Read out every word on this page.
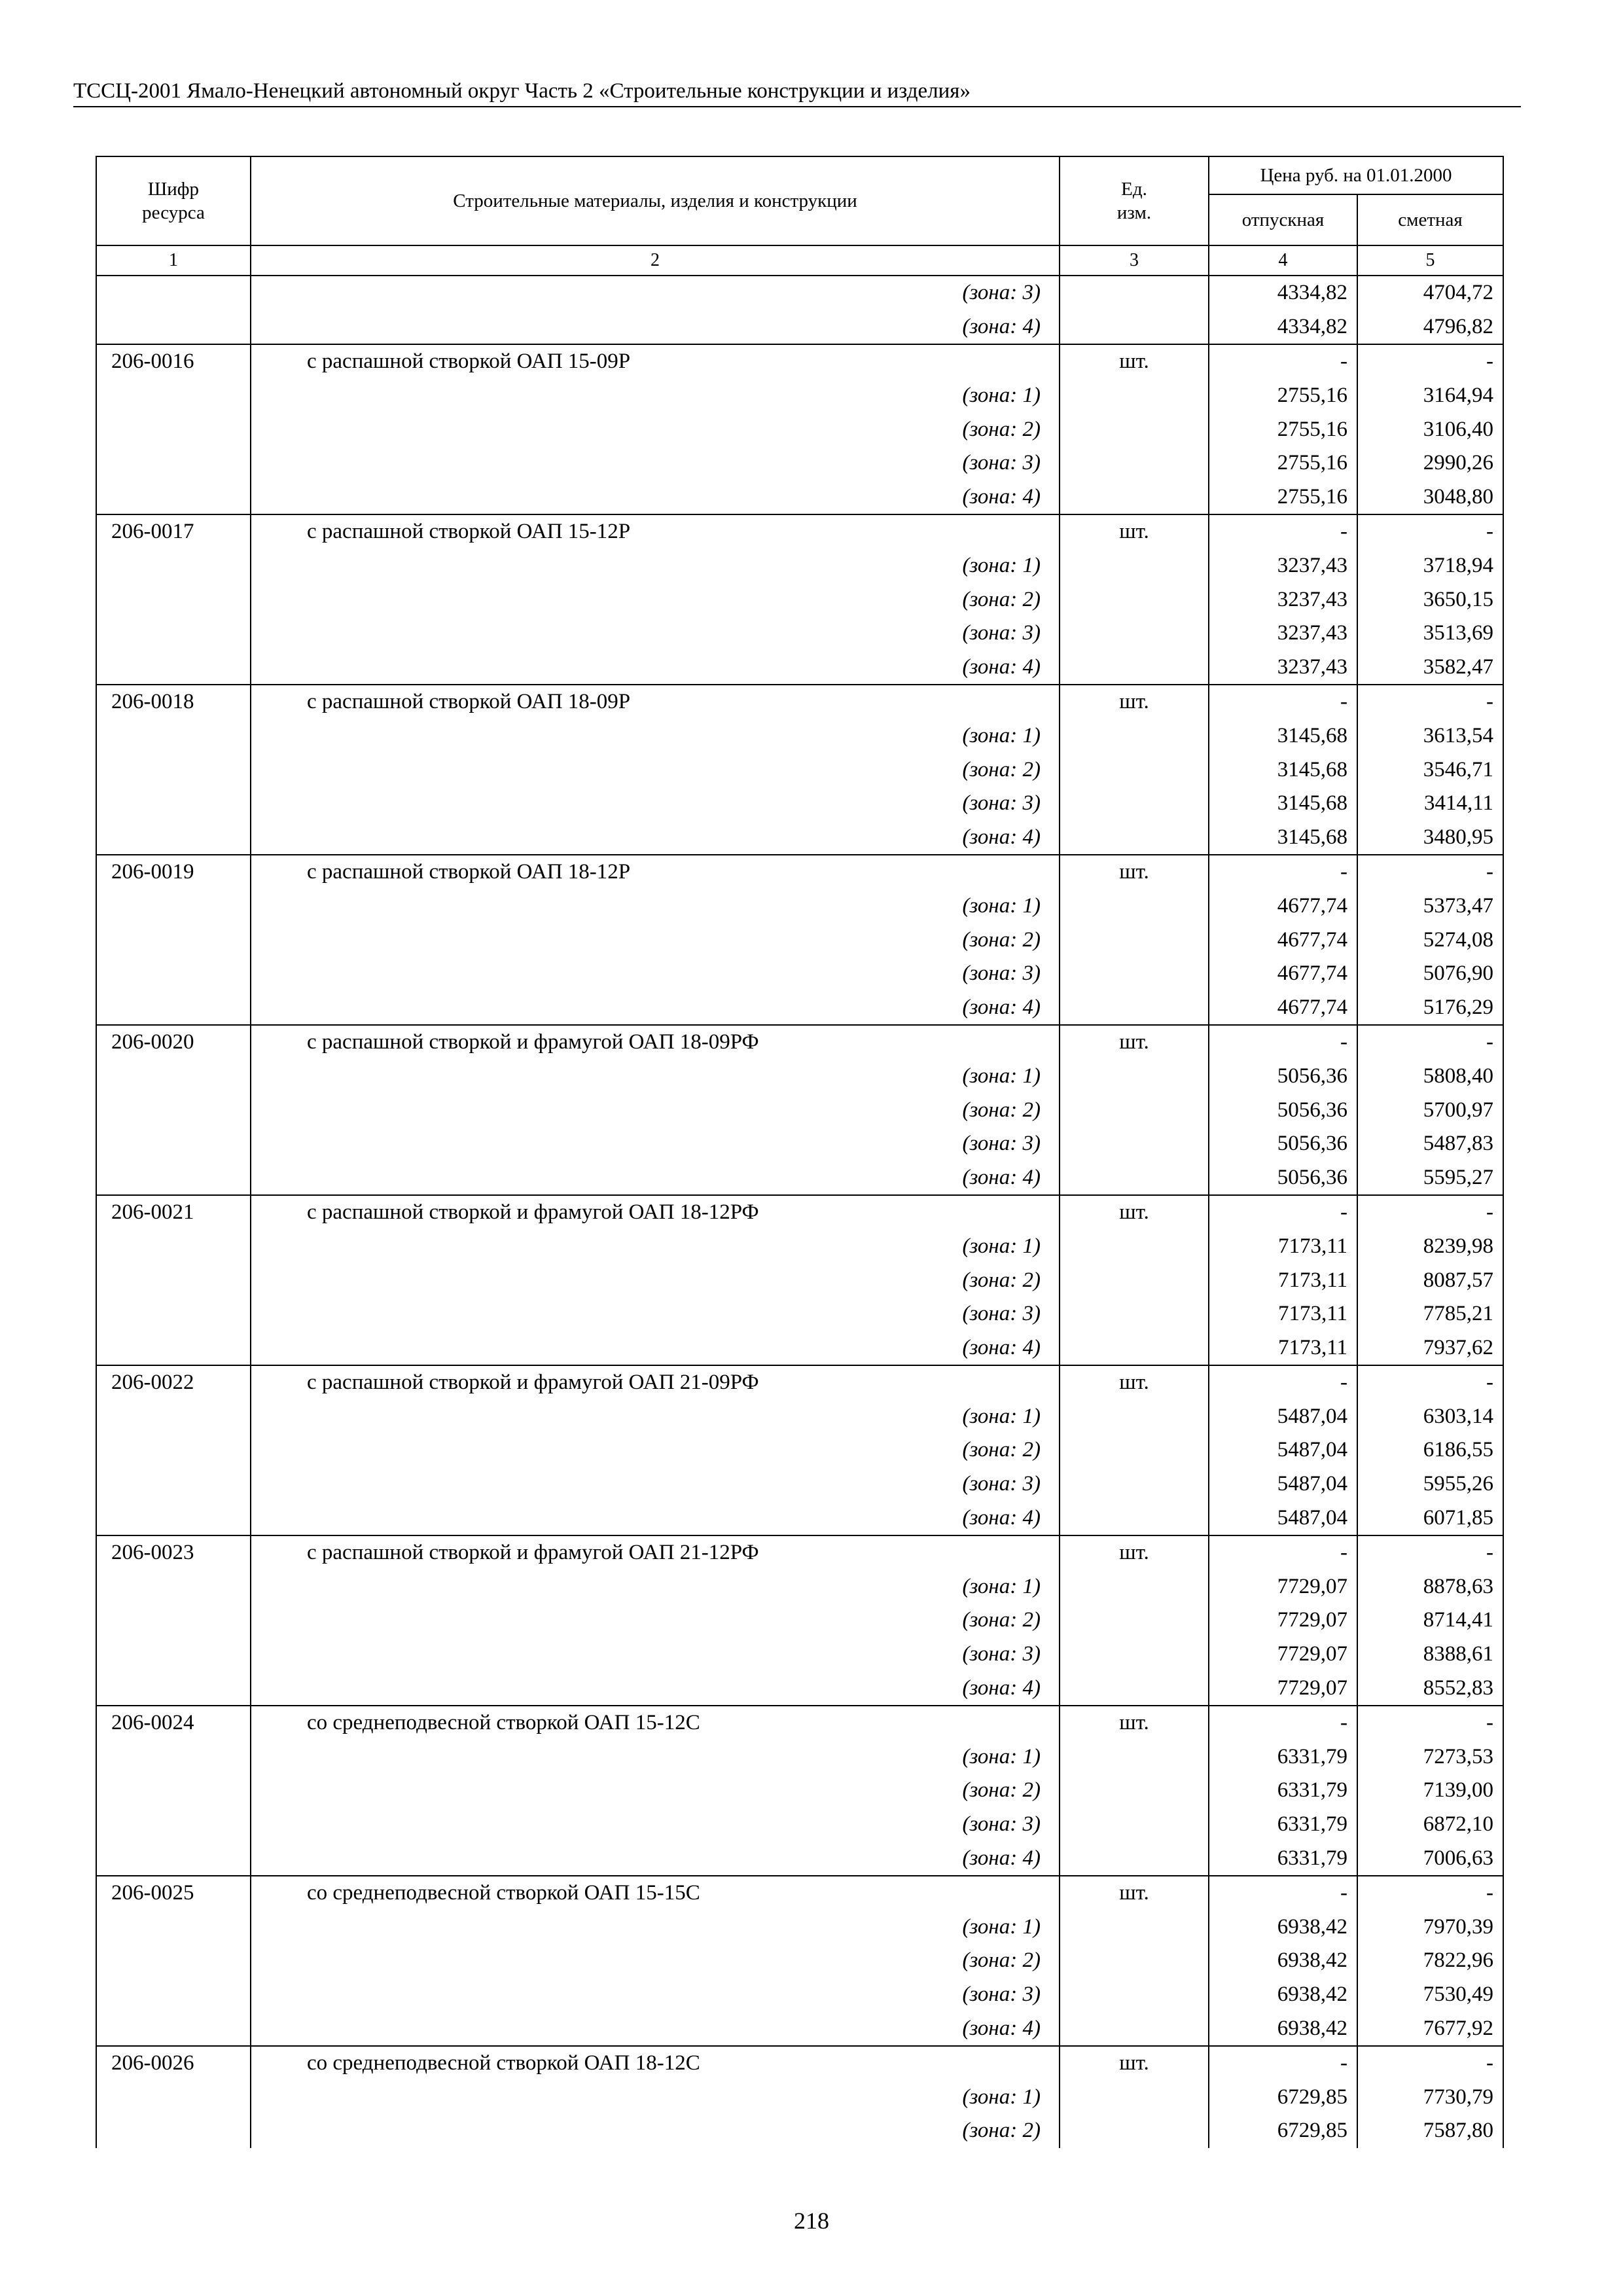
ТССЦ-2001 Ямало-Ненецкий автономный округ Часть 2 «Строительные конструкции и изделия»
Шифр ресурса	Строительные материалы, изделия и конструкции	Ед. изм.	Цена руб. на 01.01.2000	
			отпускная	сметная
1	2	3	4	5
	(зона: 3)		4334,82	4704,72
	(зона: 4)		4334,82	4796,82
206-0016	с распашной створкой ОАП 15-09Р	шт.	-	-
	(зона: 1)		2755,16	3164,94
	(зона: 2)		2755,16	3106,40
	(зона: 3)		2755,16	2990,26
	(зона: 4)		2755,16	3048,80
206-0017	с распашной створкой ОАП 15-12Р	шт.	-	-
	(зона: 1)		3237,43	3718,94
	(зона: 2)		3237,43	3650,15
	(зона: 3)		3237,43	3513,69
	(зона: 4)		3237,43	3582,47
206-0018	с распашной створкой ОАП 18-09Р	шт.	-	-
	(зона: 1)		3145,68	3613,54
	(зона: 2)		3145,68	3546,71
	(зона: 3)		3145,68	3414,11
	(зона: 4)		3145,68	3480,95
206-0019	с распашной створкой ОАП 18-12Р	шт.	-	-
	(зона: 1)		4677,74	5373,47
	(зона: 2)		4677,74	5274,08
	(зона: 3)		4677,74	5076,90
	(зона: 4)		4677,74	5176,29
206-0020	с распашной створкой и фрамугой ОАП 18-09РФ	шт.	-	-
	(зона: 1)		5056,36	5808,40
	(зона: 2)		5056,36	5700,97
	(зона: 3)		5056,36	5487,83
	(зона: 4)		5056,36	5595,27
206-0021	с распашной створкой и фрамугой ОАП 18-12РФ	шт.	-	-
	(зона: 1)		7173,11	8239,98
	(зона: 2)		7173,11	8087,57
	(зона: 3)		7173,11	7785,21
	(зона: 4)		7173,11	7937,62
206-0022	с распашной створкой и фрамугой ОАП 21-09РФ	шт.	-	-
	(зона: 1)		5487,04	6303,14
	(зона: 2)		5487,04	6186,55
	(зона: 3)		5487,04	5955,26
	(зона: 4)		5487,04	6071,85
206-0023	с распашной створкой и фрамугой ОАП 21-12РФ	шт.	-	-
	(зона: 1)		7729,07	8878,63
	(зона: 2)		7729,07	8714,41
	(зона: 3)		7729,07	8388,61
	(зона: 4)		7729,07	8552,83
206-0024	со среднеподвесной створкой ОАП 15-12С	шт.	-	-
	(зона: 1)		6331,79	7273,53
	(зона: 2)		6331,79	7139,00
	(зона: 3)		6331,79	6872,10
	(зона: 4)		6331,79	7006,63
206-0025	со среднеподвесной створкой ОАП 15-15С	шт.	-	-
	(зона: 1)		6938,42	7970,39
	(зона: 2)		6938,42	7822,96
	(зона: 3)		6938,42	7530,49
	(зона: 4)		6938,42	7677,92
206-0026	со среднеподвесной створкой ОАП 18-12С	шт.	-	-
	(зона: 1)		6729,85	7730,79
	(зона: 2)		6729,85	7587,80
218
